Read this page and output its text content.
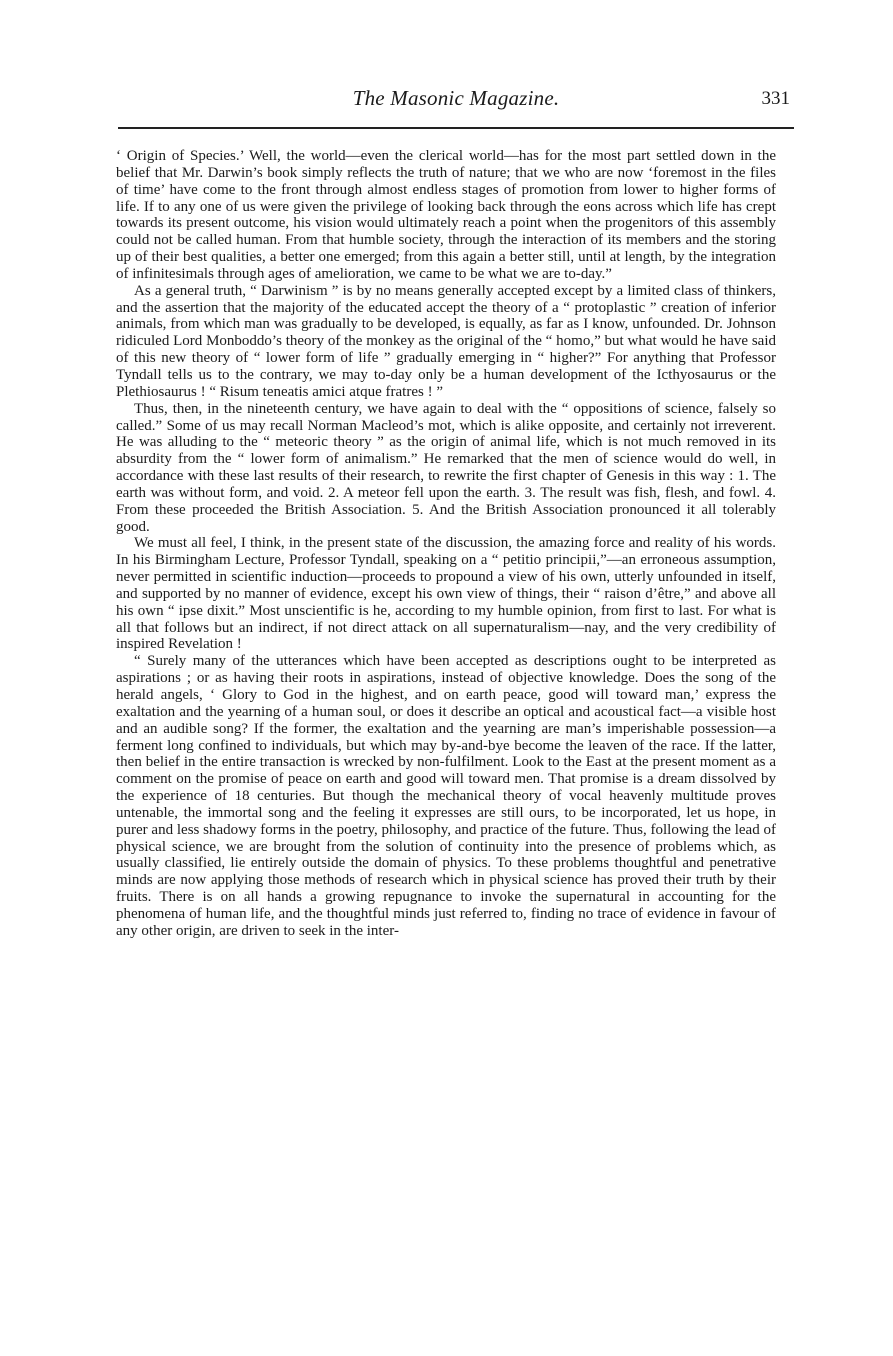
The Masonic Magazine.	331

‘ Origin of Species.’ Well, the world—even the clerical world—has for the most part settled down in the belief that Mr. Darwin’s book simply reflects the truth of nature; that we who are now ‘foremost in the files of time’ have come to the front through almost endless stages of promotion from lower to higher forms of life. If to any one of us were given the privilege of looking back through the eons across which life has crept towards its present outcome, his vision would ultimately reach a point when the progenitors of this assembly could not be called human. From that humble society, through the interaction of its members and the storing up of their best qualities, a better one emerged; from this again a better still, until at length, by the integration of infinitesimals through ages of amelioration, we came to be what we are to-day.”

As a general truth, “ Darwinism ” is by no means generally accepted except by a limited class of thinkers, and the assertion that the majority of the educated accept the theory of a “ protoplastic ” creation of inferior animals, from which man was gradually to be developed, is equally, as far as I know, unfounded. Dr. Johnson ridiculed Lord Monboddo’s theory of the monkey as the original of the “ homo,” but what would he have said of this new theory of “ lower form of life ” gradually emerging in “ higher?” For anything that Professor Tyndall tells us to the contrary, we may to-day only be a human development of the Icthyosaurus or the Plethiosaurus ! “ Risum teneatis amici atque fratres ! ”

Thus, then, in the nineteenth century, we have again to deal with the “ oppositions of science, falsely so called.” Some of us may recall Norman Macleod’s mot, which is alike opposite, and certainly not irreverent. He was alluding to the “ meteoric theory ” as the origin of animal life, which is not much removed in its absurdity from the “ lower form of animalism.” He remarked that the men of science would do well, in accordance with these last results of their research, to rewrite the first chapter of Genesis in this way : 1. The earth was without form, and void. 2. A meteor fell upon the earth. 3. The result was fish, flesh, and fowl. 4. From these proceeded the British Association. 5. And the British Association pronounced it all tolerably good.

We must all feel, I think, in the present state of the discussion, the amazing force and reality of his words. In his Birmingham Lecture, Professor Tyndall, speaking on a “ petitio principii,”—an erroneous assumption, never permitted in scientific induction—proceeds to propound a view of his own, utterly unfounded in itself, and supported by no manner of evidence, except his own view of things, their “ raison d’être,” and above all his own “ ipse dixit.” Most unscientific is he, according to my humble opinion, from first to last. For what is all that follows but an indirect, if not direct attack on all supernaturalism—nay, and the very credibility of inspired Revelation !

“ Surely many of the utterances which have been accepted as descriptions ought to be interpreted as aspirations ; or as having their roots in aspirations, instead of objective knowledge. Does the song of the herald angels, ‘ Glory to God in the highest, and on earth peace, good will toward man,’ express the exaltation and the yearning of a human soul, or does it describe an optical and acoustical fact—a visible host and an audible song? If the former, the exaltation and the yearning are man’s imperishable possession—a ferment long confined to individuals, but which may by-and-bye become the leaven of the race. If the latter, then belief in the entire transaction is wrecked by non-fulfilment. Look to the East at the present moment as a comment on the promise of peace on earth and good will toward men. That promise is a dream dissolved by the experience of 18 centuries. But though the mechanical theory of vocal heavenly multitude proves untenable, the immortal song and the feeling it expresses are still ours, to be incorporated, let us hope, in purer and less shadowy forms in the poetry, philosophy, and practice of the future. Thus, following the lead of physical science, we are brought from the solution of continuity into the presence of problems which, as usually classified, lie entirely outside the domain of physics. To these problems thoughtful and penetrative minds are now applying those methods of research which in physical science has proved their truth by their fruits. There is on all hands a growing repugnance to invoke the supernatural in accounting for the phenomena of human life, and the thoughtful minds just referred to, finding no trace of evidence in favour of any other origin, are driven to seek in the inter-
